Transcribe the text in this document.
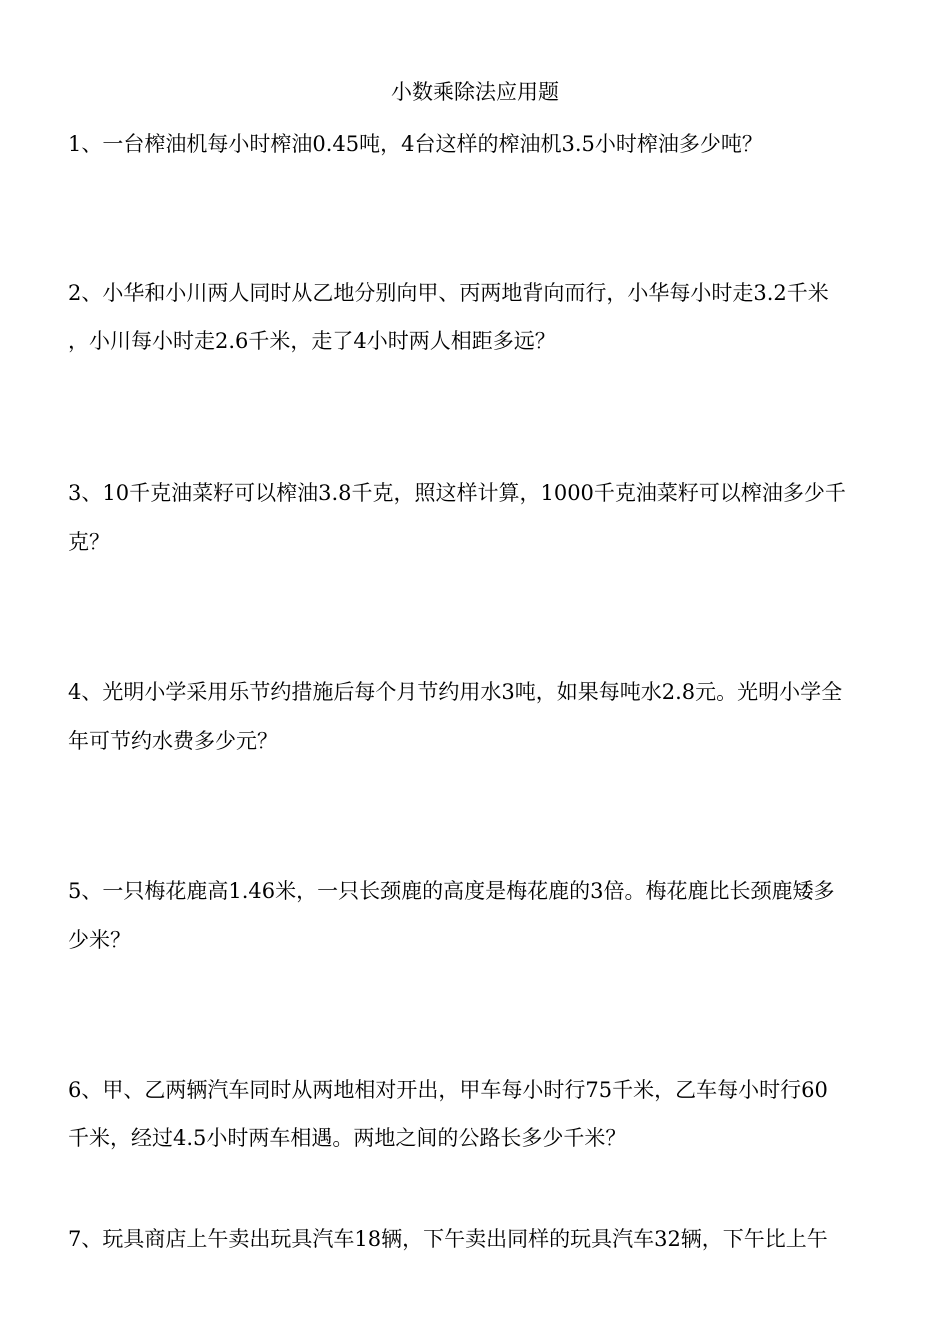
小数乘除法应用题
1、一台榨油机每小时榨油0.45吨，4台这样的榨油机3.5小时榨油多少吨？
2、小华和小川两人同时从乙地分别向甲、丙两地背向而行，小华每小时走3.2千米
，小川每小时走2.6千米，走了4小时两人相距多远？
3、10千克油菜籽可以榨油3.8千克，照这样计算，1000千克油菜籽可以榨油多少千
克？
4、光明小学采用乐节约措施后每个月节约用水3吨，如果每吨水2.8元。光明小学全
年可节约水费多少元？
5、一只梅花鹿高1.46米，一只长颈鹿的高度是梅花鹿的3倍。梅花鹿比长颈鹿矮多
少米？
6、甲、乙两辆汽车同时从两地相对开出，甲车每小时行75千米，乙车每小时行60
千米，经过4.5小时两车相遇。两地之间的公路长多少千米？
7、玩具商店上午卖出玩具汽车18辆，下午卖出同样的玩具汽车32辆，下午比上午
